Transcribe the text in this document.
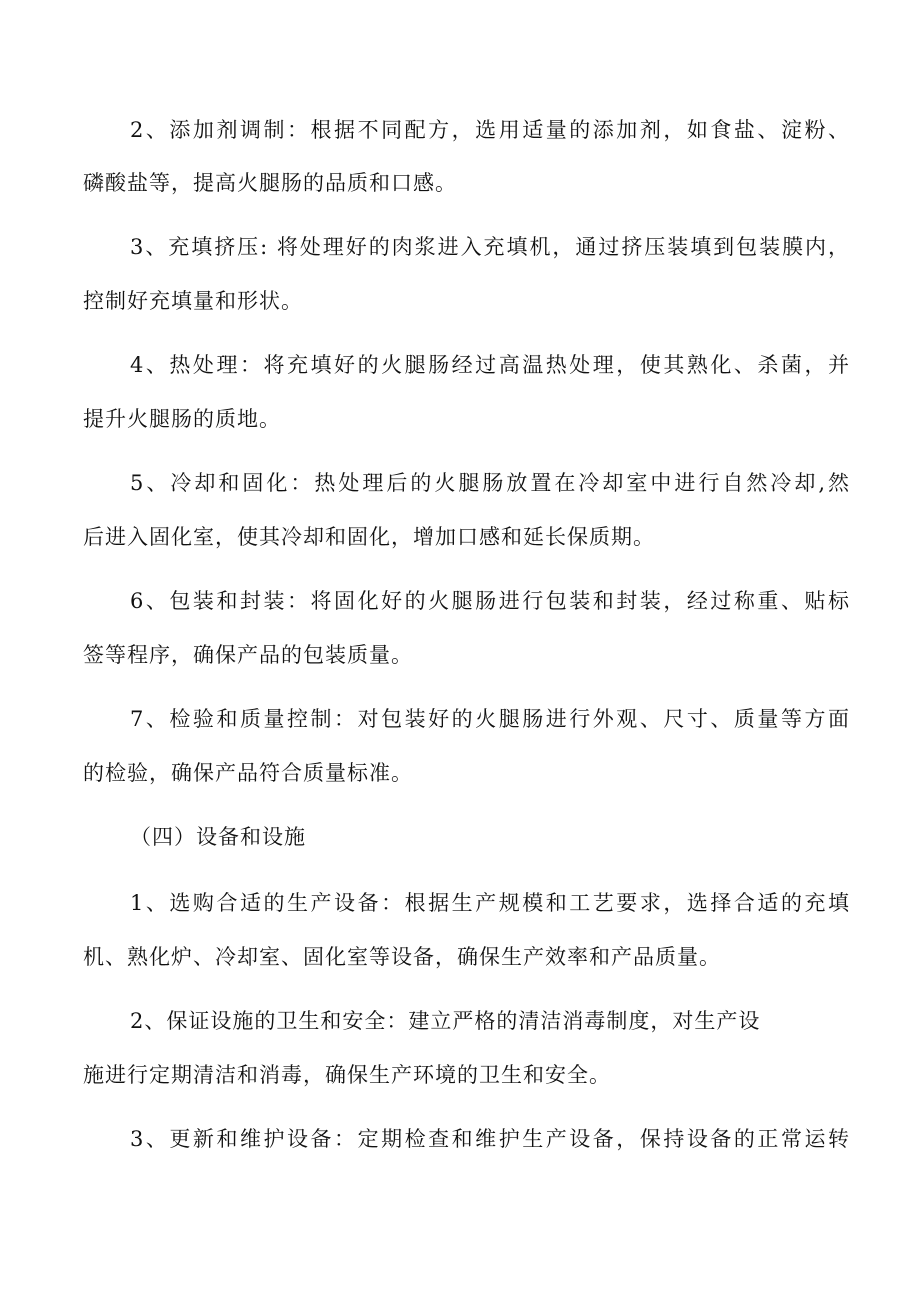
2、添加剂调制：根据不同配方，选用适量的添加剂，如食盐、淀粉、
磷酸盐等，提高火腿肠的品质和口感。
3、充填挤压: 将处理好的肉浆进入充填机，通过挤压装填到包装膜内，
控制好充填量和形状。
4、热处理：将充填好的火腿肠经过高温热处理，使其熟化、杀菌，并
提升火腿肠的质地。
5、冷却和固化：热处理后的火腿肠放置在冷却室中进行自然冷却,然
后进入固化室，使其冷却和固化，增加口感和延长保质期。
6、包装和封装：将固化好的火腿肠进行包装和封装，经过称重、贴标
签等程序，确保产品的包装质量。
7、检验和质量控制：对包装好的火腿肠进行外观、尺寸、质量等方面
的检验，确保产品符合质量标准。
（四）设备和设施
1、选购合适的生产设备：根据生产规模和工艺要求，选择合适的充填
机、熟化炉、冷却室、固化室等设备，确保生产效率和产品质量。
2、保证设施的卫生和安全：建立严格的清洁消毒制度，对生产设
施进行定期清洁和消毒，确保生产环境的卫生和安全。
3、更新和维护设备：定期检查和维护生产设备，保持设备的正常运转
